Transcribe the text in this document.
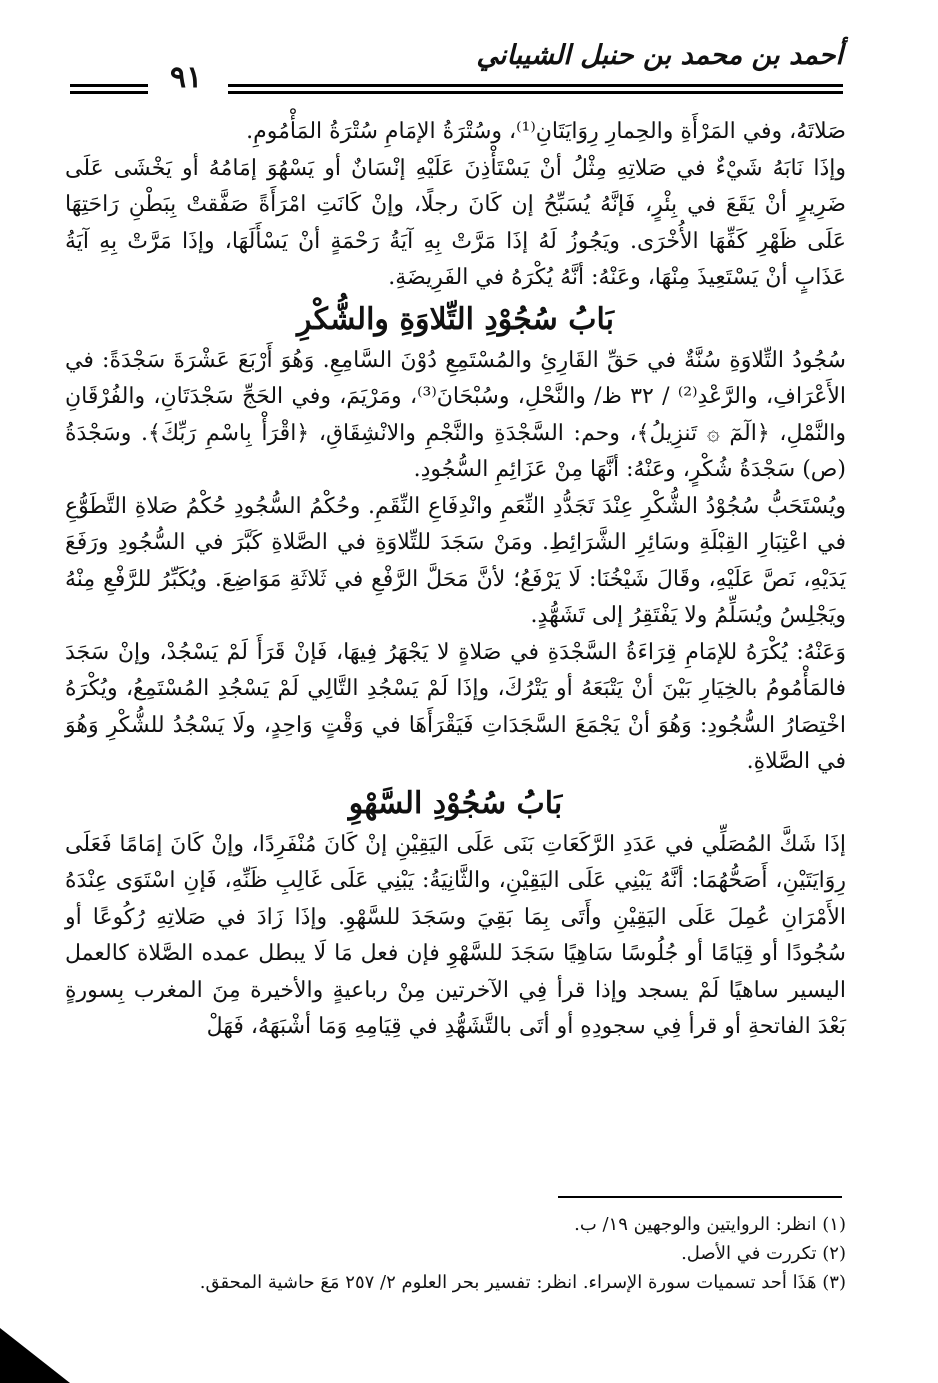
أحمد بن محمد بن حنبل الشيباني
٩١

صَلاتَهُ، وفي المَرْأَةِ والحِمارِ رِوَايَتَانِ⁽¹⁾، وسُتْرَةُ الإمَامِ سُتْرَةُ المَأْمُومِ.

وإذَا نَابَهُ شَيْءٌ في صَلاتِهِ مِثْلُ أنْ يَسْتَأْذِنَ عَلَيْهِ إنْسَانٌ أو يَسْهُوَ إمَامُهُ أو يَخْشَى عَلَى ضَرِيرٍ أنْ يَقَعَ في بِئْرٍ، فَإنَّهُ يُسَبِّحُ إن كَانَ رجلًا، وإنْ كَانَتِ امْرَأَةً صَفَّقتْ بِبَطْنِ رَاحَتِهَا عَلَى ظَهْرِ كَفِّهَا الأُخْرَى. ويَجُوزُ لَهُ إذَا مَرَّتْ بِهِ آيَةُ رَحْمَةٍ أنْ يَسْأَلَهَا، وإذَا مَرَّتْ بِهِ آيَةُ عَذَابٍ أنْ يَسْتَعِيذَ مِنْهَا، وعَنْهُ: أنَّهُ يُكْرَهُ في الفَرِيضَةِ.

بَابُ سُجُوْدِ التِّلاوَةِ والشُّكْرِ

سُجُودُ التِّلاوَةِ سُنَّةٌ في حَقِّ القَارِئِ والمُسْتَمِعِ دُوْنَ السَّامِعِ. وَهُوَ أَرْبَعَ عَشْرَةَ سَجْدَةً: في الأَعْرَافِ، والرَّعْدِ⁽²⁾ / ٣٢ ظ/ والنَّحْلِ، وسُبْحَانَ⁽³⁾، ومَرْيَمَ، وفي الحَجِّ سَجْدَتَانِ، والفُرْقَانِ والنَّمْلِ، ﴿الٓمٓ ۞ تَنزِيلُ﴾، وحم: السَّجْدَةِ والنَّجْمِ والانْشِقَاقِ، ﴿اقْرَأْ بِاسْمِ رَبِّكَ﴾. وسَجْدَةُ (ص) سَجْدَةُ شُكْرٍ، وعَنْهُ: أنَّهَا مِنْ عَزَائِمِ السُّجُودِ.

ويُسْتَحَبُّ سُجُوْدُ الشُّكْرِ عِنْدَ تَجَدُّدِ النِّعَمِ وانْدِفَاعِ النِّقَمِ. وحُكْمُ السُّجُودِ حُكْمُ صَلاةِ التَّطَوُّعِ في اعْتِبَارِ القِبْلَةِ وسَائِرِ الشَّرَائِطِ. ومَنْ سَجَدَ للتِّلاوَةِ في الصَّلاةِ كَبَّرَ في السُّجُودِ ورَفَعَ يَدَيْهِ، نَصَّ عَلَيْهِ، وقَالَ شَيْخُنَا: لَا يَرْفَعُ؛ لأنَّ مَحَلَّ الرَّفْعِ في ثَلاثَةِ مَوَاضِعَ. ويُكَبِّرُ للرَّفْعِ مِنْهُ ويَجْلِسُ ويُسَلِّمُ ولا يَفْتَقِرُ إلى تَشَهُّدٍ.

وَعَنْهُ: يُكْرَهُ للإمَامِ قِرَاءَةُ السَّجْدَةِ في صَلاةٍ لا يَجْهَرُ فِيهَا، فَإنْ قَرَأَ لَمْ يَسْجُدْ، وإنْ سَجَدَ فالمَأْمُومُ بالخِيَارِ بَيْنَ أنْ يَتْبَعَهُ أو يَتْرُكَ، وإذَا لَمْ يَسْجُدِ التَّالِي لَمْ يَسْجُدِ المُسْتَمِعُ، ويُكْرَهُ اخْتِصَارُ السُّجُودِ: وَهُوَ أنْ يَجْمَعَ السَّجَدَاتِ فَيَقْرَأَهَا في وَقْتٍ وَاحِدٍ، ولَا يَسْجُدُ للشُّكْرِ وَهُوَ في الصَّلاةِ.

بَابُ سُجُوْدِ السَّهْوِ

إذَا شَكَّ المُصَلِّي في عَدَدِ الرَّكَعَاتِ بَنَى عَلَى اليَقِيْنِ إنْ كَانَ مُنْفَرِدًا، وإنْ كَانَ إمَامًا فَعَلَى رِوَايَتَيْنِ، أَصَحُّهُمَا: أنَّهُ يَبْنِي عَلَى اليَقِيْنِ، والثَّانِيَةُ: يَبْنِي عَلَى غَالِبِ ظَنِّهِ، فَإنِ اسْتَوَى عِنْدَهُ الأَمْرَانِ عُمِلَ عَلَى اليَقِيْنِ وأَتَى بِمَا بَقِيَ وسَجَدَ للسَّهْوِ. وإذَا زَادَ في صَلاتِهِ رُكُوعًا أو سُجُودًا أو قِيَامًا أو جُلُوسًا سَاهِيًا سَجَدَ للسَّهْوِ فإن فعل مَا لَا يبطل عمده الصَّلاة كالعمل اليسير ساهيًا لَمْ يسجد وإذا قرأ فِي الآخرتين مِنْ رباعيةٍ والأخيرة مِنَ المغرب بِسورةٍ بَعْدَ الفاتحةِ أو قرأ فِي سجودِهِ أو أتَى بالتَّشَهُّدِ في قِيَامِهِ وَمَا أشْبَهَهُ، فَهَلْ

(١) انظر: الروايتين والوجهين ١٩/ ب.
(٢) تكررت في الأصل.
(٣) هَذَا أحد تسميات سورة الإسراء. انظر: تفسير بحر العلوم ٢/ ٢٥٧ مَعَ حاشية المحقق.
